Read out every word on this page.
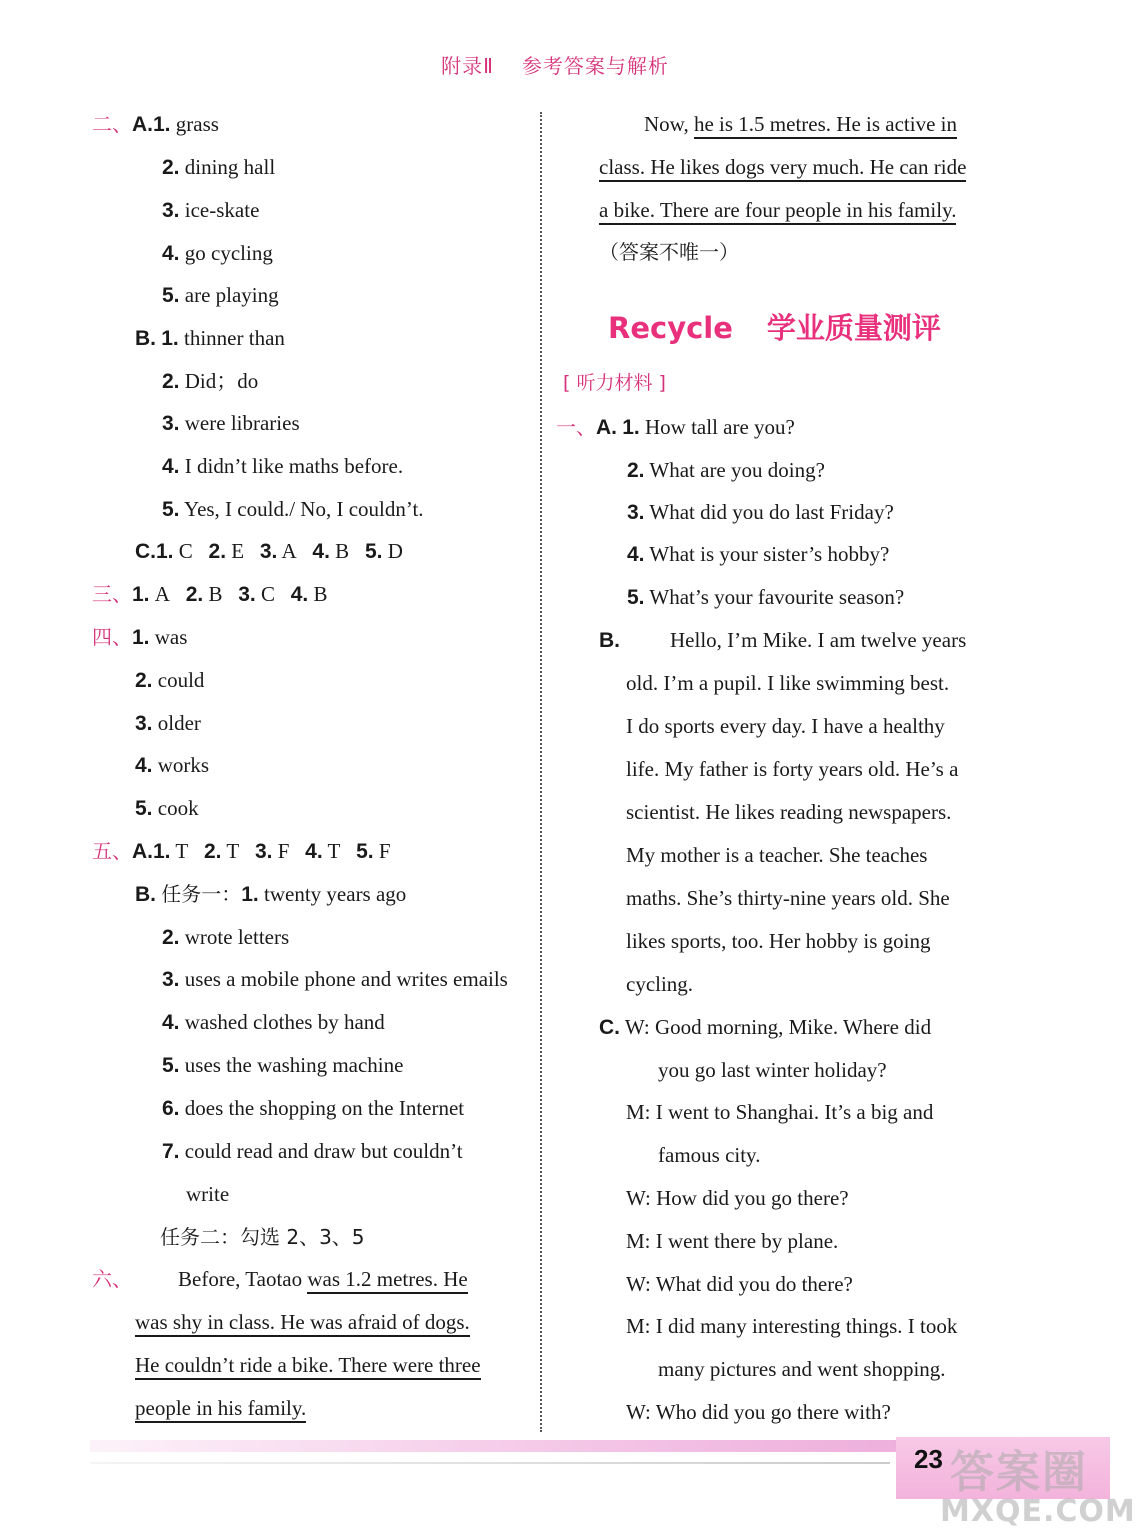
附录Ⅱ 参考答案与解析
二、A.1. grass
2. dining hall
3. ice-skate
4. go cycling
5. are playing
B. 1. thinner than
2. Did；do
3. were libraries
4. I didn’t like maths before.
5. Yes, I could./ No, I couldn’t.
C.1. C 2. E 3. A 4. B 5. D
三、1. A 2. B 3. C 4. B
四、1. was
2. could
3. older
4. works
5. cook
五、A.1. T 2. T 3. F 4. T 5. F
B. 任务一：1. twenty years ago
2. wrote letters
3. uses a mobile phone and writes emails
4. washed clothes by hand
5. uses the washing machine
6. does the shopping on the Internet
7. could read and draw but couldn’t
write
任务二：勾选 2、3、5
六、 Before, Taotao was 1.2 metres. He
was shy in class. He was afraid of dogs.
He couldn’t ride a bike. There were three
people in his family.
Now, he is 1.5 metres. He is active in
class. He likes dogs very much. He can ride
a bike. There are four people in his family.
（答案不唯一）
Recycle 学业质量测评
[ 听力材料 ]
一、A. 1. How tall are you?
2. What are you doing?
3. What did you do last Friday?
4. What is your sister’s hobby?
5. What’s your favourite season?
B. Hello, I’m Mike. I am twelve years
old. I’m a pupil. I like swimming best.
I do sports every day. I have a healthy
life. My father is forty years old. He’s a
scientist. He likes reading newspapers.
My mother is a teacher. She teaches
maths. She’s thirty-nine years old. She
likes sports, too. Her hobby is going
cycling.
C. W: Good morning, Mike. Where did
you go last winter holiday?
M: I went to Shanghai. It’s a big and
famous city.
W: How did you go there?
M: I went there by plane.
W: What did you do there?
M: I did many interesting things. I took
many pictures and went shopping.
W: Who did you go there with?
23 答案圈
MXQE.COM
